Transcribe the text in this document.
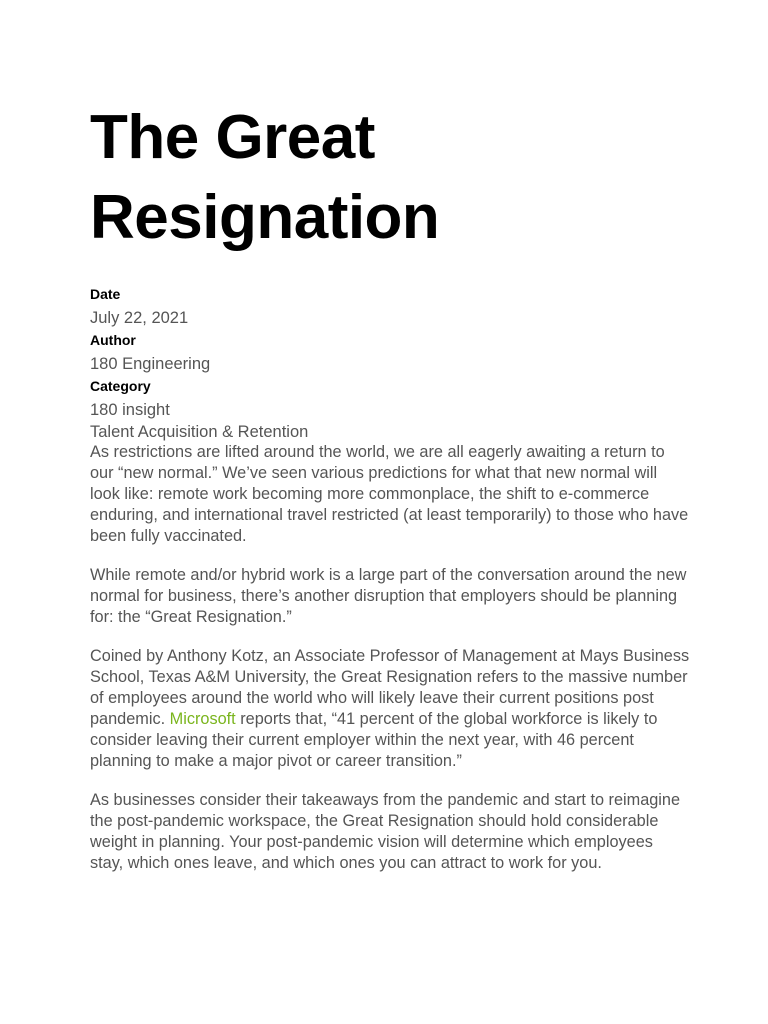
The Great
Resignation
Date
July 22, 2021
Author
180 Engineering
Category
180 insight
Talent Acquisition & Retention

As restrictions are lifted around the world, we are all eagerly awaiting a return to our “new normal.” We’ve seen various predictions for what that new normal will look like: remote work becoming more commonplace, the shift to e-commerce enduring, and international travel restricted (at least temporarily) to those who have been fully vaccinated.

While remote and/or hybrid work is a large part of the conversation around the new normal for business, there’s another disruption that employers should be planning for: the “Great Resignation.”

Coined by Anthony Kotz, an Associate Professor of Management at Mays Business School, Texas A&M University, the Great Resignation refers to the massive number of employees around the world who will likely leave their current positions post pandemic. Microsoft reports that, “41 percent of the global workforce is likely to consider leaving their current employer within the next year, with 46 percent planning to make a major pivot or career transition.”

As businesses consider their takeaways from the pandemic and start to reimagine the post-pandemic workspace, the Great Resignation should hold considerable weight in planning. Your post-pandemic vision will determine which employees stay, which ones leave, and which ones you can attract to work for you.
